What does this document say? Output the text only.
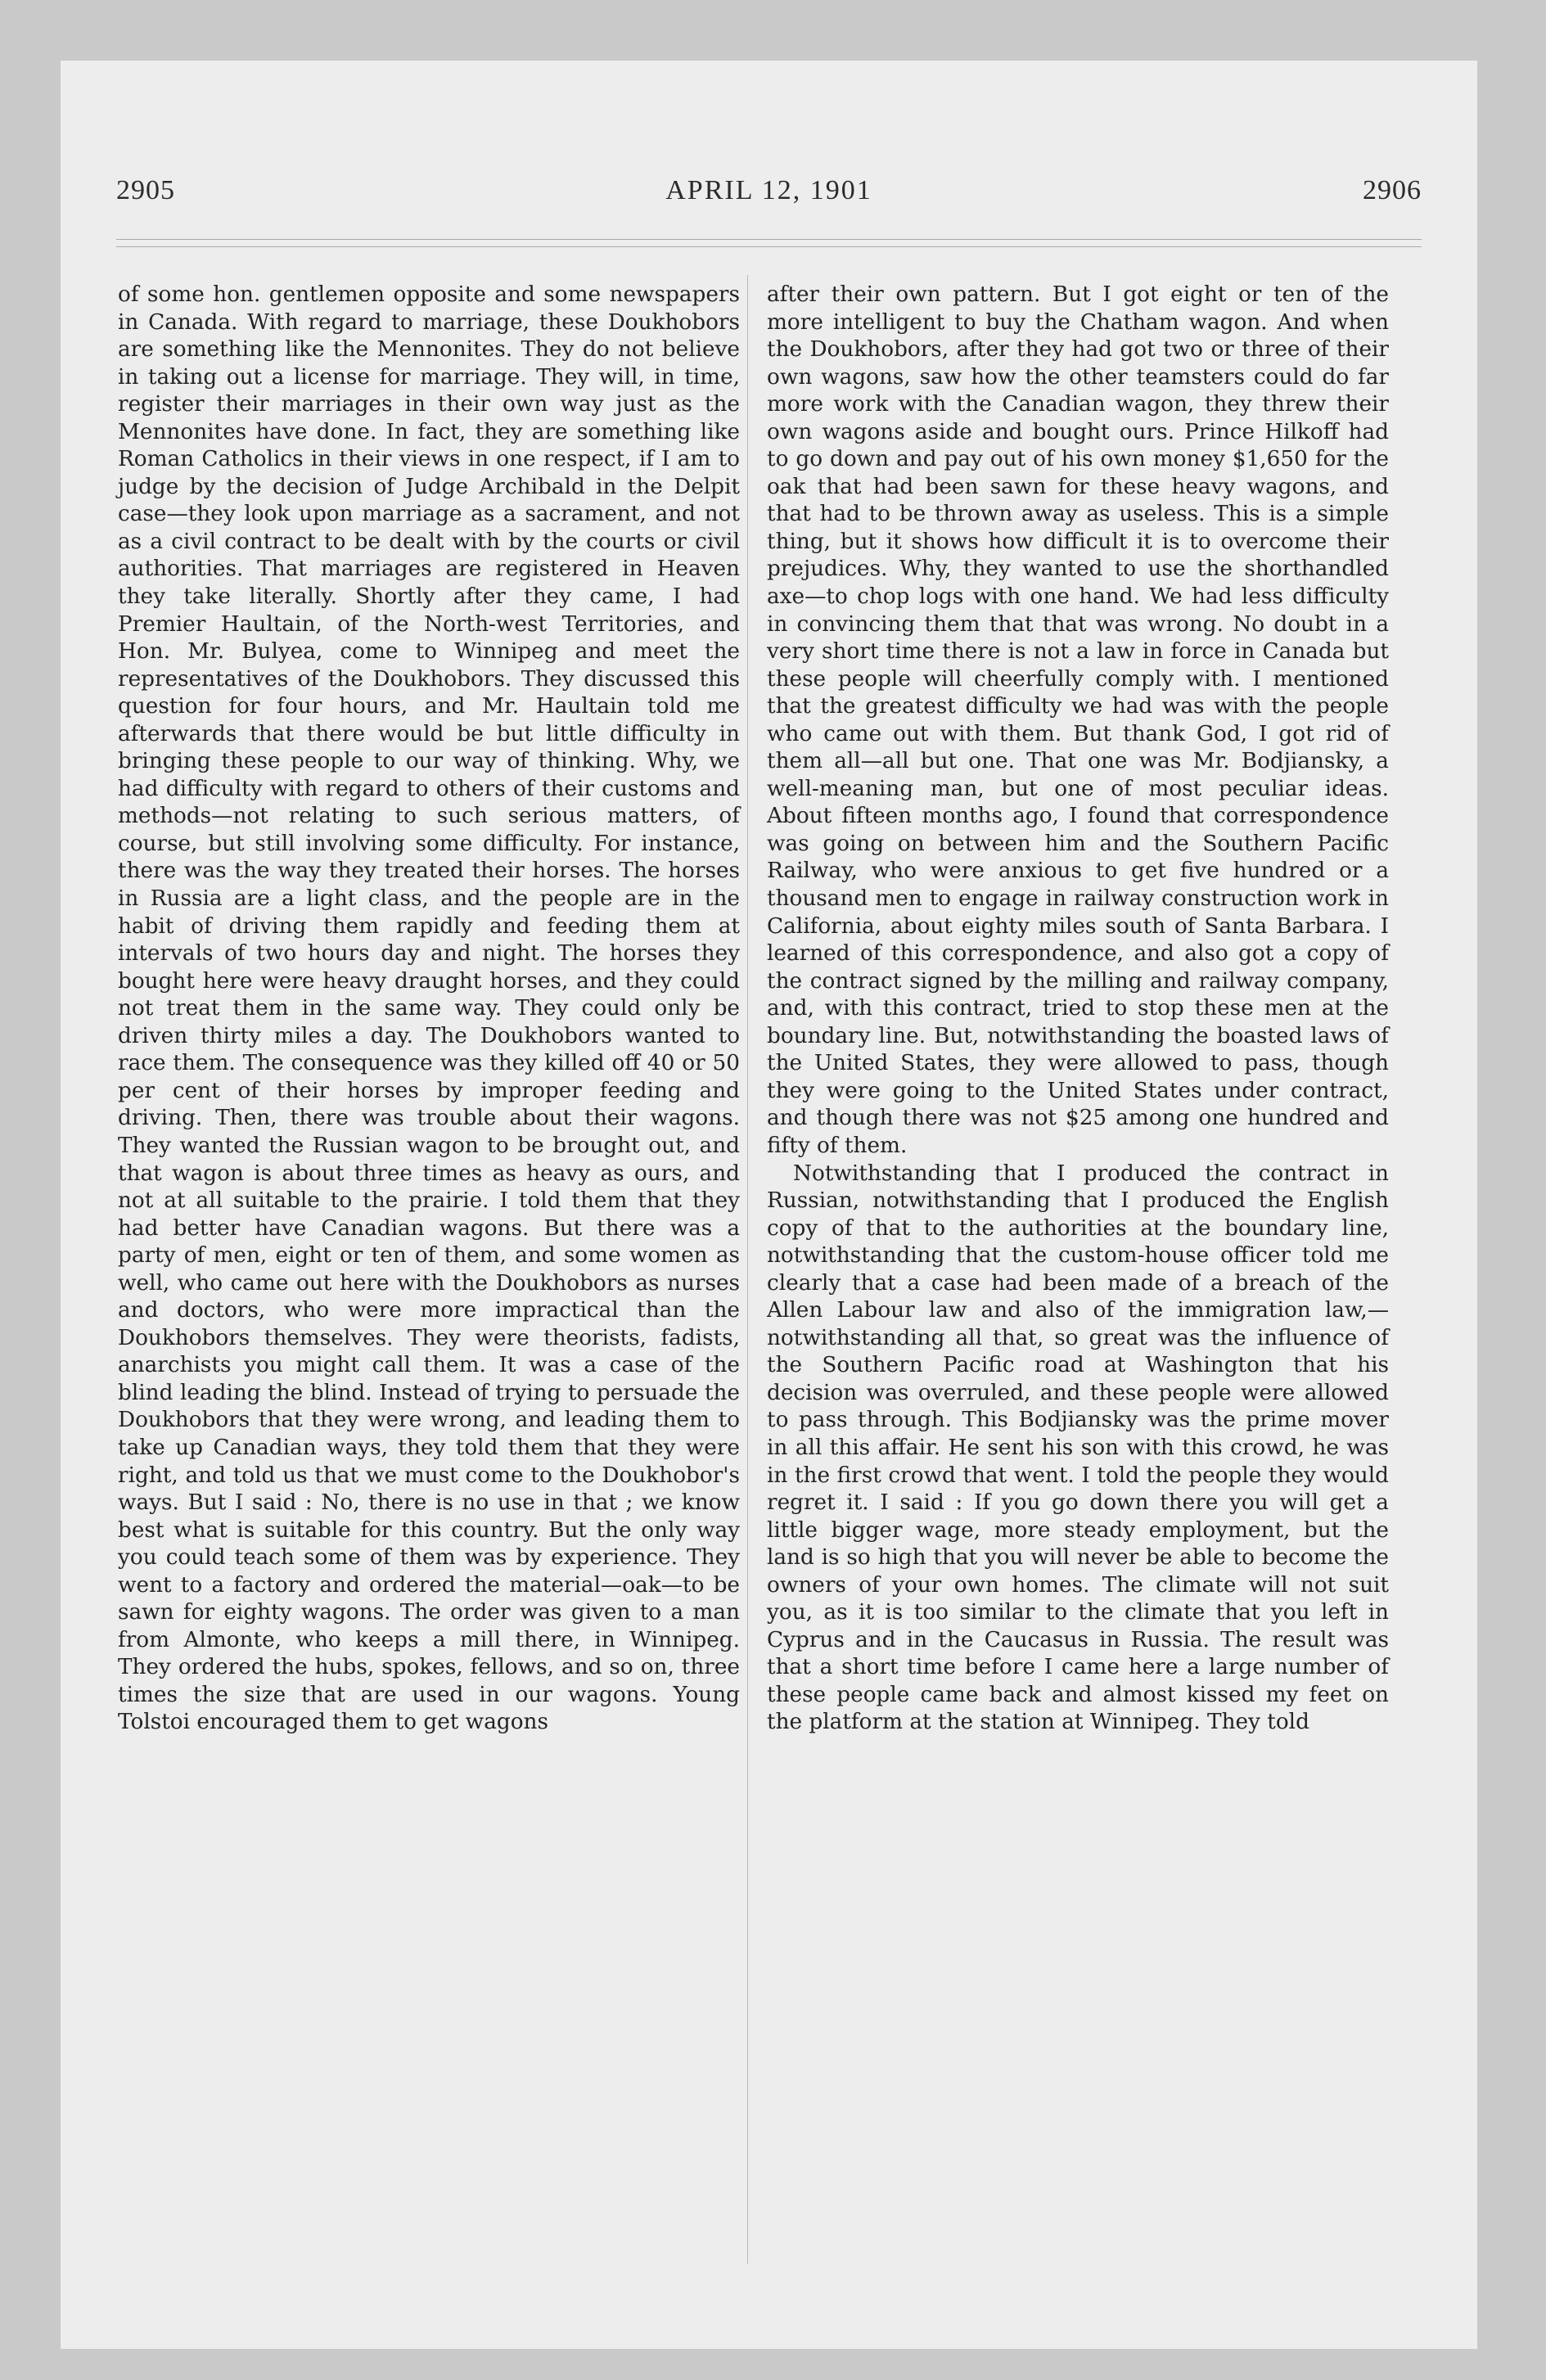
2905	APRIL 12, 1901	2906

of some hon. gentlemen opposite and some newspapers in Canada. With regard to marriage, these Doukhobors are something like the Mennonites. They do not believe in taking out a license for marriage. They will, in time, register their marriages in their own way just as the Mennonites have done. In fact, they are something like Roman Catholics in their views in one respect, if I am to judge by the decision of Judge Archibald in the Delpit case—they look upon marriage as a sacrament, and not as a civil contract to be dealt with by the courts or civil authorities. That marriages are registered in Heaven they take literally. Shortly after they came, I had Premier Haultain, of the North-west Territories, and Hon. Mr. Bulyea, come to Winnipeg and meet the representatives of the Doukhobors. They discussed this question for four hours, and Mr. Haultain told me afterwards that there would be but little difficulty in bringing these people to our way of thinking. Why, we had difficulty with regard to others of their customs and methods—not relating to such serious matters, of course, but still involving some difficulty. For instance, there was the way they treated their horses. The horses in Russia are a light class, and the people are in the habit of driving them rapidly and feeding them at intervals of two hours day and night. The horses they bought here were heavy draught horses, and they could not treat them in the same way. They could only be driven thirty miles a day. The Doukhobors wanted to race them. The consequence was they killed off 40 or 50 per cent of their horses by improper feeding and driving. Then, there was trouble about their wagons. They wanted the Russian wagon to be brought out, and that wagon is about three times as heavy as ours, and not at all suitable to the prairie. I told them that they had better have Canadian wagons. But there was a party of men, eight or ten of them, and some women as well, who came out here with the Doukhobors as nurses and doctors, who were more impractical than the Doukhobors themselves. They were theorists, fadists, anarchists you might call them. It was a case of the blind leading the blind. Instead of trying to persuade the Doukhobors that they were wrong, and leading them to take up Canadian ways, they told them that they were right, and told us that we must come to the Doukhobor's ways. But I said : No, there is no use in that ; we know best what is suitable for this country. But the only way you could teach some of them was by experience. They went to a factory and ordered the material—oak—to be sawn for eighty wagons. The order was given to a man from Almonte, who keeps a mill there, in Winnipeg. They ordered the hubs, spokes, fellows, and so on, three times the size that are used in our wagons. Young Tolstoi encouraged them to get wagons

after their own pattern. But I got eight or ten of the more intelligent to buy the Chatham wagon. And when the Doukhobors, after they had got two or three of their own wagons, saw how the other teamsters could do far more work with the Canadian wagon, they threw their own wagons aside and bought ours. Prince Hilkoff had to go down and pay out of his own money $1,650 for the oak that had been sawn for these heavy wagons, and that had to be thrown away as useless. This is a simple thing, but it shows how difficult it is to overcome their prejudices. Why, they wanted to use the shorthandled axe—to chop logs with one hand. We had less difficulty in convincing them that that was wrong. No doubt in a very short time there is not a law in force in Canada but these people will cheerfully comply with. I mentioned that the greatest difficulty we had was with the people who came out with them. But thank God, I got rid of them all—all but one. That one was Mr. Bodjiansky, a well-meaning man, but one of most peculiar ideas. About fifteen months ago, I found that correspondence was going on between him and the Southern Pacific Railway, who were anxious to get five hundred or a thousand men to engage in railway construction work in California, about eighty miles south of Santa Barbara. I learned of this correspondence, and also got a copy of the contract signed by the milling and railway company, and, with this contract, tried to stop these men at the boundary line. But, notwithstanding the boasted laws of the United States, they were allowed to pass, though they were going to the United States under contract, and though there was not $25 among one hundred and fifty of them.

Notwithstanding that I produced the contract in Russian, notwithstanding that I produced the English copy of that to the authorities at the boundary line, notwithstanding that the custom-house officer told me clearly that a case had been made of a breach of the Allen Labour law and also of the immigration law,—notwithstanding all that, so great was the influence of the Southern Pacific road at Washington that his decision was overruled, and these people were allowed to pass through. This Bodjiansky was the prime mover in all this affair. He sent his son with this crowd, he was in the first crowd that went. I told the people they would regret it. I said : If you go down there you will get a little bigger wage, more steady employment, but the land is so high that you will never be able to become the owners of your own homes. The climate will not suit you, as it is too similar to the climate that you left in Cyprus and in the Caucasus in Russia. The result was that a short time before I came here a large number of these people came back and almost kissed my feet on the platform at the station at Winnipeg. They told
